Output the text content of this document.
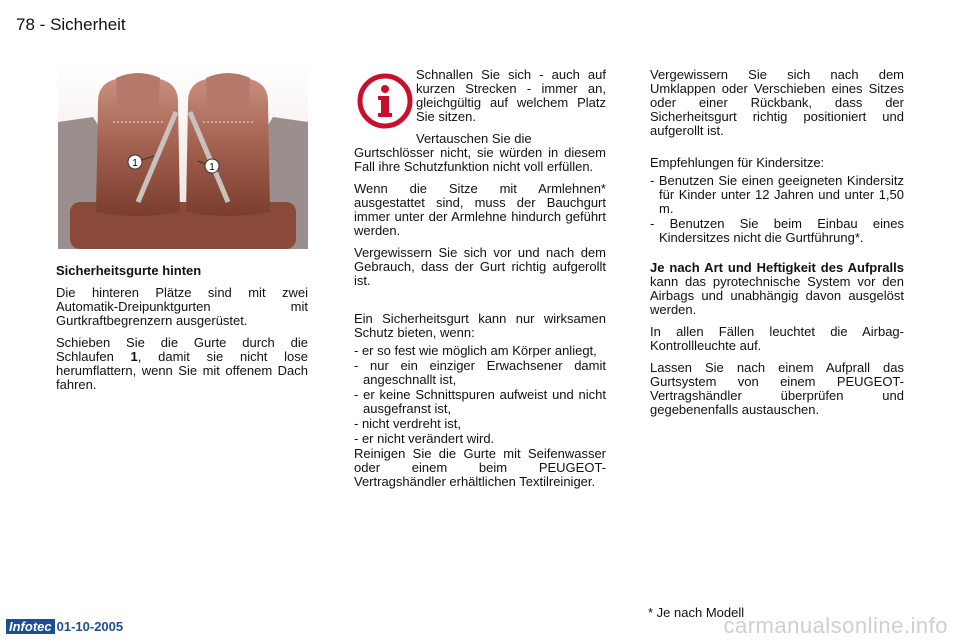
78 - Sicherheit
1	1

Sicherheitsgurte hinten

Die hinteren Plätze sind mit zwei Automatik-Dreipunktgurten mit Gurtkraftbegrenzern ausgerüstet.

Schieben Sie die Gurte durch die Schlaufen 1, damit sie nicht lose herumflattern, wenn Sie mit offenem Dach fahren.

Schnallen Sie sich - auch auf kurzen Strecken - immer an, gleichgültig auf welchem Platz Sie sitzen.

Vertauschen Sie die
Gurtschlösser nicht, sie würden in diesem Fall ihre Schutzfunktion nicht voll erfüllen.

Wenn die Sitze mit Armlehnen* ausgestattet sind, muss der Bauchgurt immer unter der Armlehne hindurch geführt werden.

Vergewissern Sie sich vor und nach dem Gebrauch, dass der Gurt richtig aufgerollt ist.

Ein Sicherheitsgurt kann nur wirksamen Schutz bieten, wenn:

- er so fest wie möglich am Körper anliegt,

- nur ein einziger Erwachsener damit angeschnallt ist,

- er keine Schnittspuren aufweist und nicht ausgefranst ist,

- nicht verdreht ist,

- er nicht verändert wird.

Reinigen Sie die Gurte mit Seifenwasser oder einem beim PEUGEOT-Vertragshändler erhältlichen Textilreiniger.

Vergewissern Sie sich nach dem Umklappen oder Verschieben eines Sitzes oder einer Rückbank, dass der Sicherheitsgurt richtig positioniert und aufgerollt ist.

Empfehlungen für Kindersitze:

- Benutzen Sie einen geeigneten Kindersitz für Kinder unter 12 Jahren und unter 1,50 m.

- Benutzen Sie beim Einbau eines Kindersitzes nicht die Gurtführung*.

Je nach Art und Heftigkeit des Aufpralls kann das pyrotechnische System vor den Airbags und unabhängig davon ausgelöst werden.

In allen Fällen leuchtet die Airbag-Kontrollleuchte auf.

Lassen Sie nach einem Aufprall das Gurtsystem von einem PEUGEOT-Vertragshändler überprüfen und gegebenenfalls austauschen.

* Je nach Modell
Infotec 01-10-2005	carmanualsonline.info
